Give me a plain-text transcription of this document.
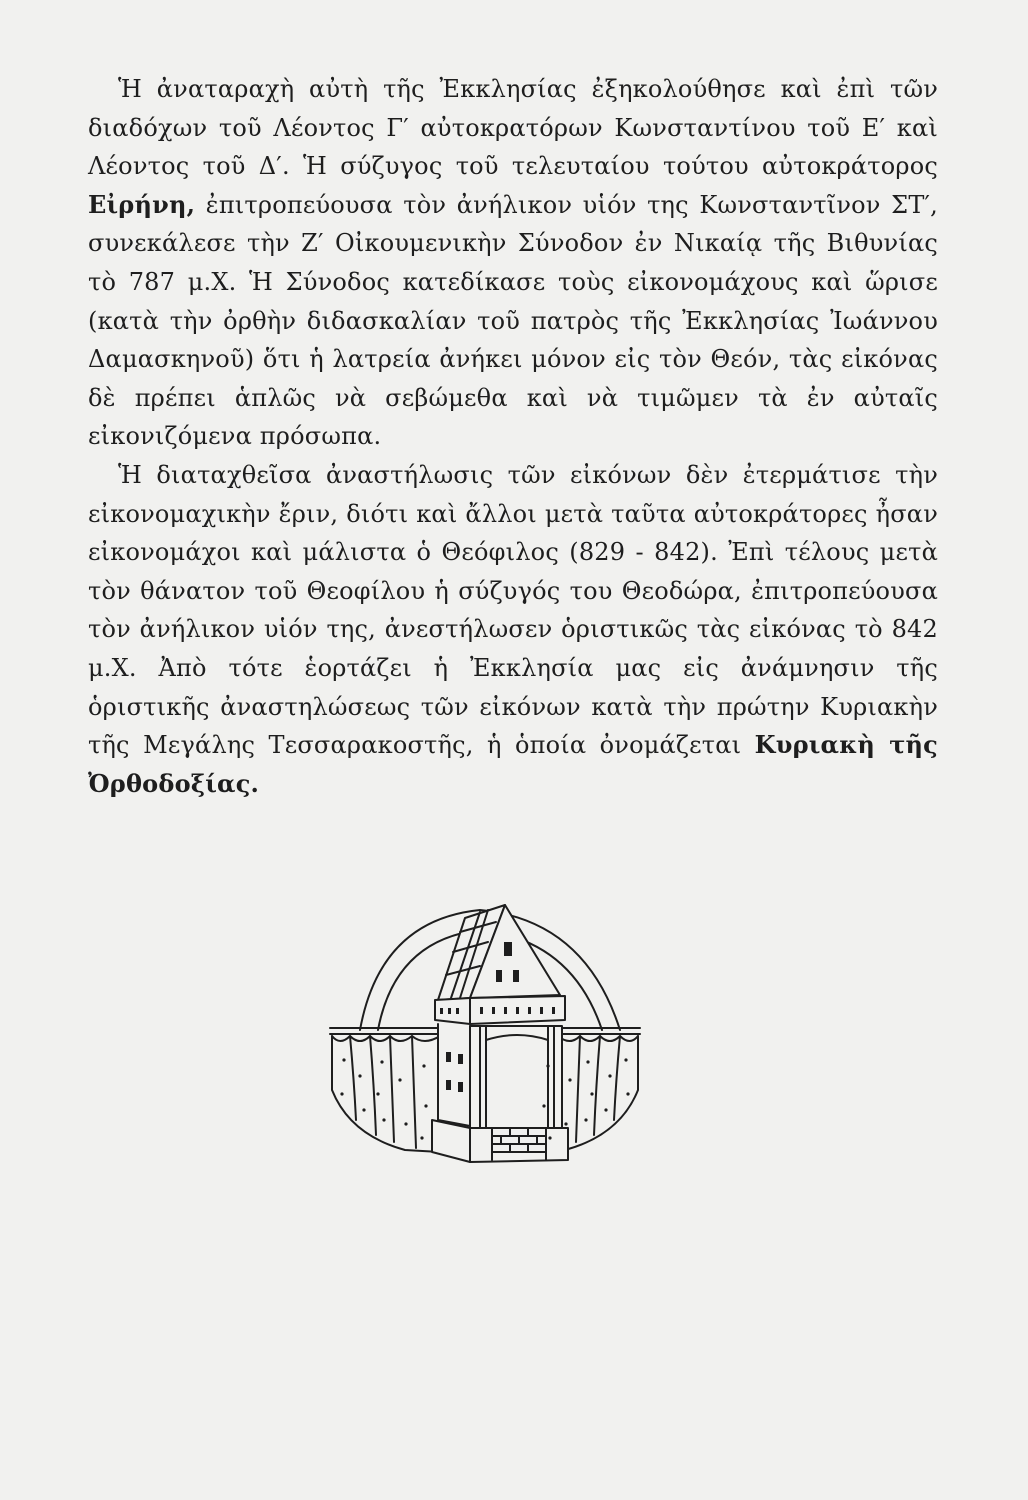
Ἡ ἀναταραχὴ αὐτὴ τῆς Ἐκκλησίας ἐξηκολούθησε καὶ ἐπὶ τῶν διαδόχων τοῦ Λέοντος Γ′ αὐτοκρατόρων Κωνσταντίνου τοῦ Ε′ καὶ Λέοντος τοῦ Δ′. Ἡ σύζυγος τοῦ τελευταίου τούτου αὐτοκράτορος Εἰρήνη, ἐπιτροπεύουσα τὸν ἀνήλικον υἱόν της Κωνσταντῖνον ΣΤ′, συνεκάλεσε τὴν Ζ′ Οἰκουμενικὴν Σύνοδον ἐν Νικαίᾳ τῆς Βιθυνίας τὸ 787 μ.Χ. Ἡ Σύνοδος κατεδίκασε τοὺς εἰκονομάχους καὶ ὥρισε (κατὰ τὴν ὀρθὴν διδασκαλίαν τοῦ πατρὸς τῆς Ἐκκλησίας Ἰωάννου Δαμασκηνοῦ) ὅτι ἡ λατρεία ἀνήκει μόνον εἰς τὸν Θεόν, τὰς εἰκόνας δὲ πρέπει ἁπλῶς νὰ σεβώμεθα καὶ νὰ τιμῶμεν τὰ ἐν αὐταῖς εἰκονιζόμενα πρόσωπα.

Ἡ διαταχθεῖσα ἀναστήλωσις τῶν εἰκόνων δὲν ἐτερμάτισε τὴν εἰκονομαχικὴν ἔριν, διότι καὶ ἄλλοι μετὰ ταῦτα αὐτοκράτορες ἦσαν εἰκονομάχοι καὶ μάλιστα ὁ Θεόφιλος (829 - 842). Ἐπὶ τέλους μετὰ τὸν θάνατον τοῦ Θεοφίλου ἡ σύζυγός του Θεοδώρα, ἐπιτροπεύουσα τὸν ἀνήλικον υἱόν της, ἀνεστήλωσεν ὁριστικῶς τὰς εἰκόνας τὸ 842 μ.Χ. Ἀπὸ τότε ἑορτάζει ἡ Ἐκκλησία μας εἰς ἀνάμνησιν τῆς ὁριστικῆς ἀναστηλώσεως τῶν εἰκόνων κατὰ τὴν πρώτην Κυριακὴν τῆς Μεγάλης Τεσσαρακοστῆς, ἡ ὁποία ὀνομάζεται Κυριακὴ τῆς Ὀρθοδοξίας.
